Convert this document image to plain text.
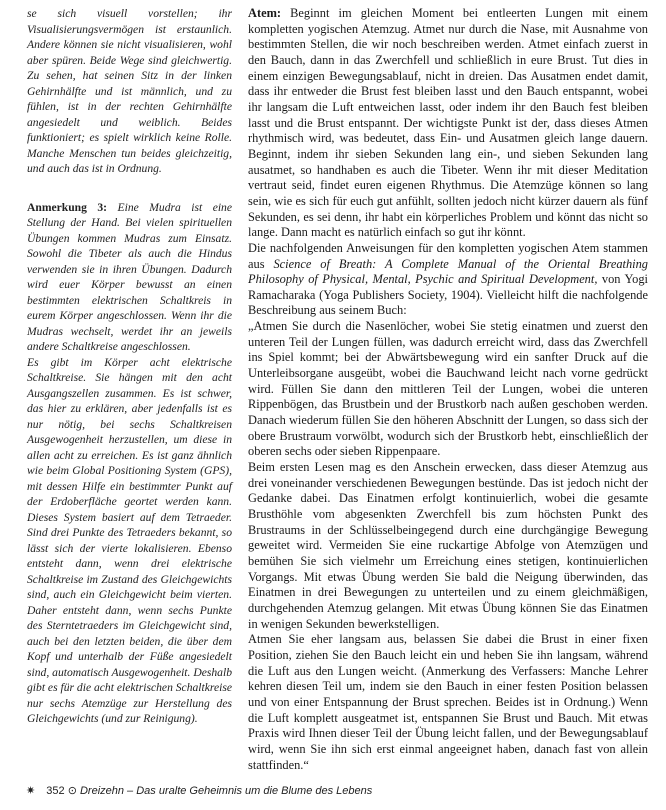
se sich visuell vorstellen; ihr Visualisierungsvermögen ist erstaunlich. Andere können sie nicht visualisieren, wohl aber spüren. Beide Wege sind gleichwertig. Zu sehen, hat seinen Sitz in der linken Gehirnhälfte und ist männlich, und zu fühlen, ist in der rechten Gehirnhälfte angesiedelt und weiblich. Beides funktioniert; es spielt wirklich keine Rolle. Manche Menschen tun beides gleichzeitig, und auch das ist in Ordnung.

Anmerkung 3: Eine Mudra ist eine Stellung der Hand. Bei vielen spirituellen Übungen kommen Mudras zum Einsatz. Sowohl die Tibeter als auch die Hindus verwenden sie in ihren Übungen. Dadurch wird euer Körper bewusst an einen bestimmten elektrischen Schaltkreis in eurem Körper angeschlossen. Wenn ihr die Mudras wechselt, werdet ihr an jeweils andere Schaltkreise angeschlossen.

Es gibt im Körper acht elektrische Schaltkreise. Sie hängen mit den acht Ausgangszellen zusammen. Es ist schwer, das hier zu erklären, aber jedenfalls ist es nur nötig, bei sechs Schaltkreisen Ausgewogenheit herzustellen, um diese in allen acht zu erreichen. Es ist ganz ähnlich wie beim Global Positioning System (GPS), mit dessen Hilfe ein bestimmter Punkt auf der Erdoberfläche geortet werden kann. Dieses System basiert auf dem Tetraeder. Sind drei Punkte des Tetraeders bekannt, so lässt sich der vierte lokalisieren. Ebenso entsteht dann, wenn drei elektrische Schaltkreise im Zustand des Gleichgewichts sind, auch ein Gleichgewicht beim vierten. Daher entsteht dann, wenn sechs Punkte des Sterntetraeders im Gleichgewicht sind, auch bei den letzten beiden, die über dem Kopf und unterhalb der Füße angesiedelt sind, automatisch Ausgewogenheit. Deshalb gibt es für die acht elektrischen Schaltkreise nur sechs Atemzüge zur Herstellung des Gleichgewichts (und zur Reinigung).

Atem: Beginnt im gleichen Moment bei entleerten Lungen mit einem kompletten yogischen Atemzug. Atmet nur durch die Nase, mit Ausnahme von bestimmten Stellen, die wir noch beschreiben werden. Atmet einfach zuerst in den Bauch, dann in das Zwerchfell und schließlich in eure Brust. Tut dies in einem einzigen Bewegungsablauf, nicht in dreien. Das Ausatmen endet damit, dass ihr entweder die Brust fest bleiben lasst und den Bauch entspannt, wobei ihr langsam die Luft entweichen lasst, oder indem ihr den Bauch fest bleiben lasst und die Brust entspannt. Der wichtigste Punkt ist der, dass dieses Atmen rhythmisch wird, was bedeutet, dass Ein- und Ausatmen gleich lange dauern. Beginnt, indem ihr sieben Sekunden lang ein-, und sieben Sekunden lang ausatmet, so handhaben es auch die Tibeter. Wenn ihr mit dieser Meditation vertraut seid, findet euren eigenen Rhythmus. Die Atemzüge können so lang sein, wie es sich für euch gut anfühlt, sollten jedoch nicht kürzer dauern als fünf Sekunden, es sei denn, ihr habt ein körperliches Problem und könnt das nicht so lange. Dann macht es natürlich einfach so gut ihr könnt.

Die nachfolgenden Anweisungen für den kompletten yogischen Atem stammen aus Science of Breath: A Complete Manual of the Oriental Breathing Philosophy of Physical, Mental, Psychic and Spiritual Development, von Yogi Ramacharaka (Yoga Publishers Society, 1904). Vielleicht hilft die nachfolgende Beschreibung aus seinem Buch:

„Atmen Sie durch die Nasenlöcher, wobei Sie stetig einatmen und zuerst den unteren Teil der Lungen füllen, was dadurch erreicht wird, dass das Zwerchfell ins Spiel kommt; bei der Abwärtsbewegung wird ein sanfter Druck auf die Unterleibsorgane ausgeübt, wobei die Bauchwand leicht nach vorne gedrückt wird. Füllen Sie dann den mittleren Teil der Lungen, wobei die unteren Rippenbögen, das Brustbein und der Brustkorb nach außen geschoben werden. Danach wiederum füllen Sie den höheren Abschnitt der Lungen, so dass sich der obere Brustraum vorwölbt, wodurch sich der Brustkorb hebt, einschließlich der oberen sechs oder sieben Rippenpaare.

Beim ersten Lesen mag es den Anschein erwecken, dass dieser Atemzug aus drei voneinander verschiedenen Bewegungen bestünde. Das ist jedoch nicht der Gedanke dabei. Das Einatmen erfolgt kontinuierlich, wobei die gesamte Brusthöhle vom abgesenkten Zwerchfell bis zum höchsten Punkt des Brustraums in der Schlüsselbeingegend durch eine durchgängige Bewegung geweitet wird. Vermeiden Sie eine ruckartige Abfolge von Atemzügen und bemühen Sie sich vielmehr um Erreichung eines stetigen, kontinuierlichen Vorgangs. Mit etwas Übung werden Sie bald die Neigung überwinden, das Einatmen in drei Bewegungen zu unterteilen und zu einem gleichmäßigen, durchgehenden Atemzug gelangen. Mit etwas Übung können Sie das Einatmen in wenigen Sekunden bewerkstelligen.

Atmen Sie eher langsam aus, belassen Sie dabei die Brust in einer fixen Position, ziehen Sie den Bauch leicht ein und heben Sie ihn langsam, während die Luft aus den Lungen weicht. (Anmerkung des Verfassers: Manche Lehrer kehren diesen Teil um, indem sie den Bauch in einer festen Position belassen und von einer Entspannung der Brust sprechen. Beides ist in Ordnung.) Wenn die Luft komplett ausgeatmet ist, entspannen Sie Brust und Bauch. Mit etwas Praxis wird Ihnen dieser Teil der Übung leicht fallen, und der Bewegungsablauf wird, wenn Sie ihn sich erst einmal angeeignet haben, danach fast von allein stattfinden.“

✷ 352 ⊙ Dreizehn – Das uralte Geheimnis um die Blume des Lebens
